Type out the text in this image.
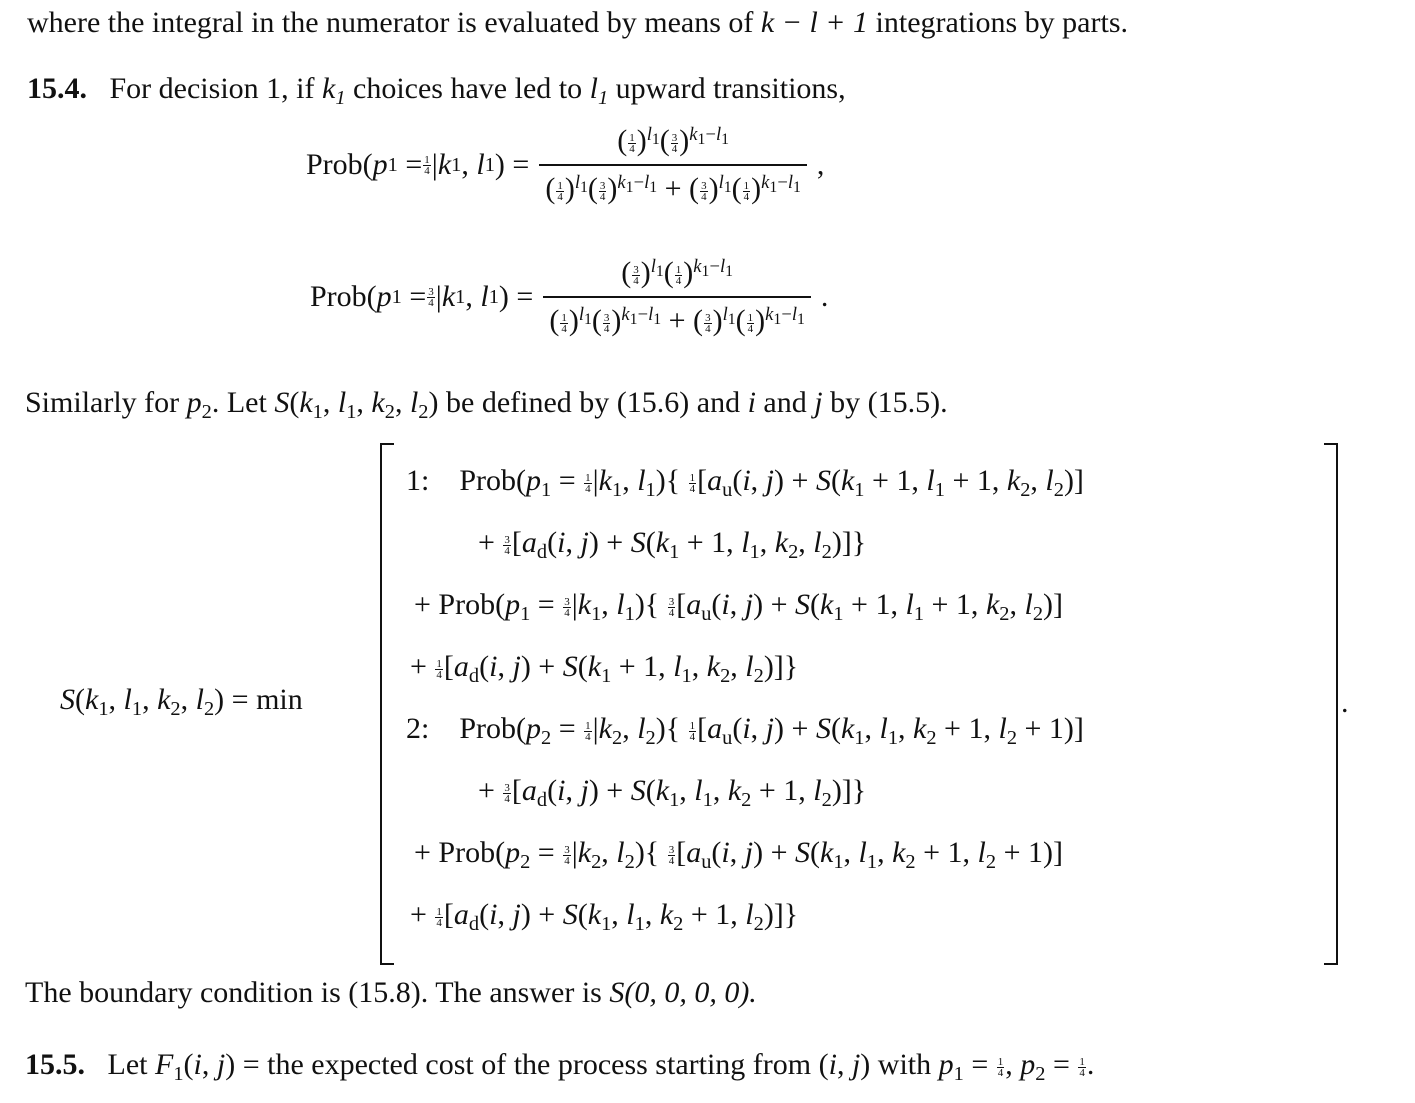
where the integral in the numerator is evaluated by means of k − l + 1 integrations by parts.
15.4. For decision 1, if $k_1$ choices have led to $l_1$ upward transitions,
Prob( p 1 = 1
4 | k 1 , l 1 ) = $\frac{( \frac{1}{4} )^{l_1}( \frac{3}{4} )^{k_1-l_1}}{( \frac{1}{4} )^{l_1}( \frac{3}{4} )^{k_1-l_1} + ( \frac{3}{4} )^{l_1}( \frac{1}{4} )^{k_1-l_1}}$ ,
Prob( p 1 = 3
4 | k 1 , l 1 ) = $\frac{( \frac{3}{4} )^{l_1}( \frac{1}{4} )^{k_1-l_1}}{( \frac{1}{4} )^{l_1}( \frac{3}{4} )^{k_1-l_1} + ( \frac{3}{4} )^{l_1}( \frac{1}{4} )^{k_1-l_1}}$ .
Similarly for $p_2$. Let $S(k_1$, $l_1$, $k_2$, $l_2$) be defined by (15.6) and i and j by (15.5).
$S(k_1$, $l_1$, $k_2$, $l_2) = \min$	.
1: $Prob(p_1 = \frac{1}{4} |k_1$, $l_1)\{ \frac{1}{4} [a_u(i$, $j) + S(k_1 + 1$, $l_1 + 1$, $k_2$, $l_2$)]
+ $\frac{3}{4} [a_d(i$, $j) + S(k_1 + 1$, $l_1$, $k_2$, $l_2$)]}
+ $Prob(p_1 = \frac{3}{4} |k_1$, $l_1)\{ \frac{3}{4} [a_u(i$, $j) + S(k_1 + 1$, $l_1 + 1$, $k_2$, $l_2$)]
+ $\frac{1}{4} [a_d(i$, $j) + S(k_1 + 1$, $l_1$, $k_2$, $l_2$)]}
2: $Prob(p_2 = \frac{1}{4} |k_2$, $l_2)\{ \frac{1}{4} [a_u(i$, $j) + S(k_1$, $l_1$, $k_2 + 1$, $l_2 + 1$)]
+ $\frac{3}{4} [a_d(i$, $j) + S(k_1$, $l_1$, $k_2 + 1$, $l_2$)]}
+ $Prob(p_2 = \frac{3}{4} |k_2$, $l_2)\{ \frac{3}{4} [a_u(i$, $j) + S(k_1$, $l_1$, $k_2 + 1$, $l_2 + 1$)]
+ $\frac{1}{4} [a_d(i$, $j) + S(k_1$, $l_1$, $k_2 + 1$, $l_2$)]}
The boundary condition is (15.8). The answer is S(0, 0, 0, 0).
15.5. Let $F_1(i$, j) = the expected cost of the process starting from (i, j) with $p_1 = \frac{1}{4}$ , $p_2 = \frac{1}{4}$ .
